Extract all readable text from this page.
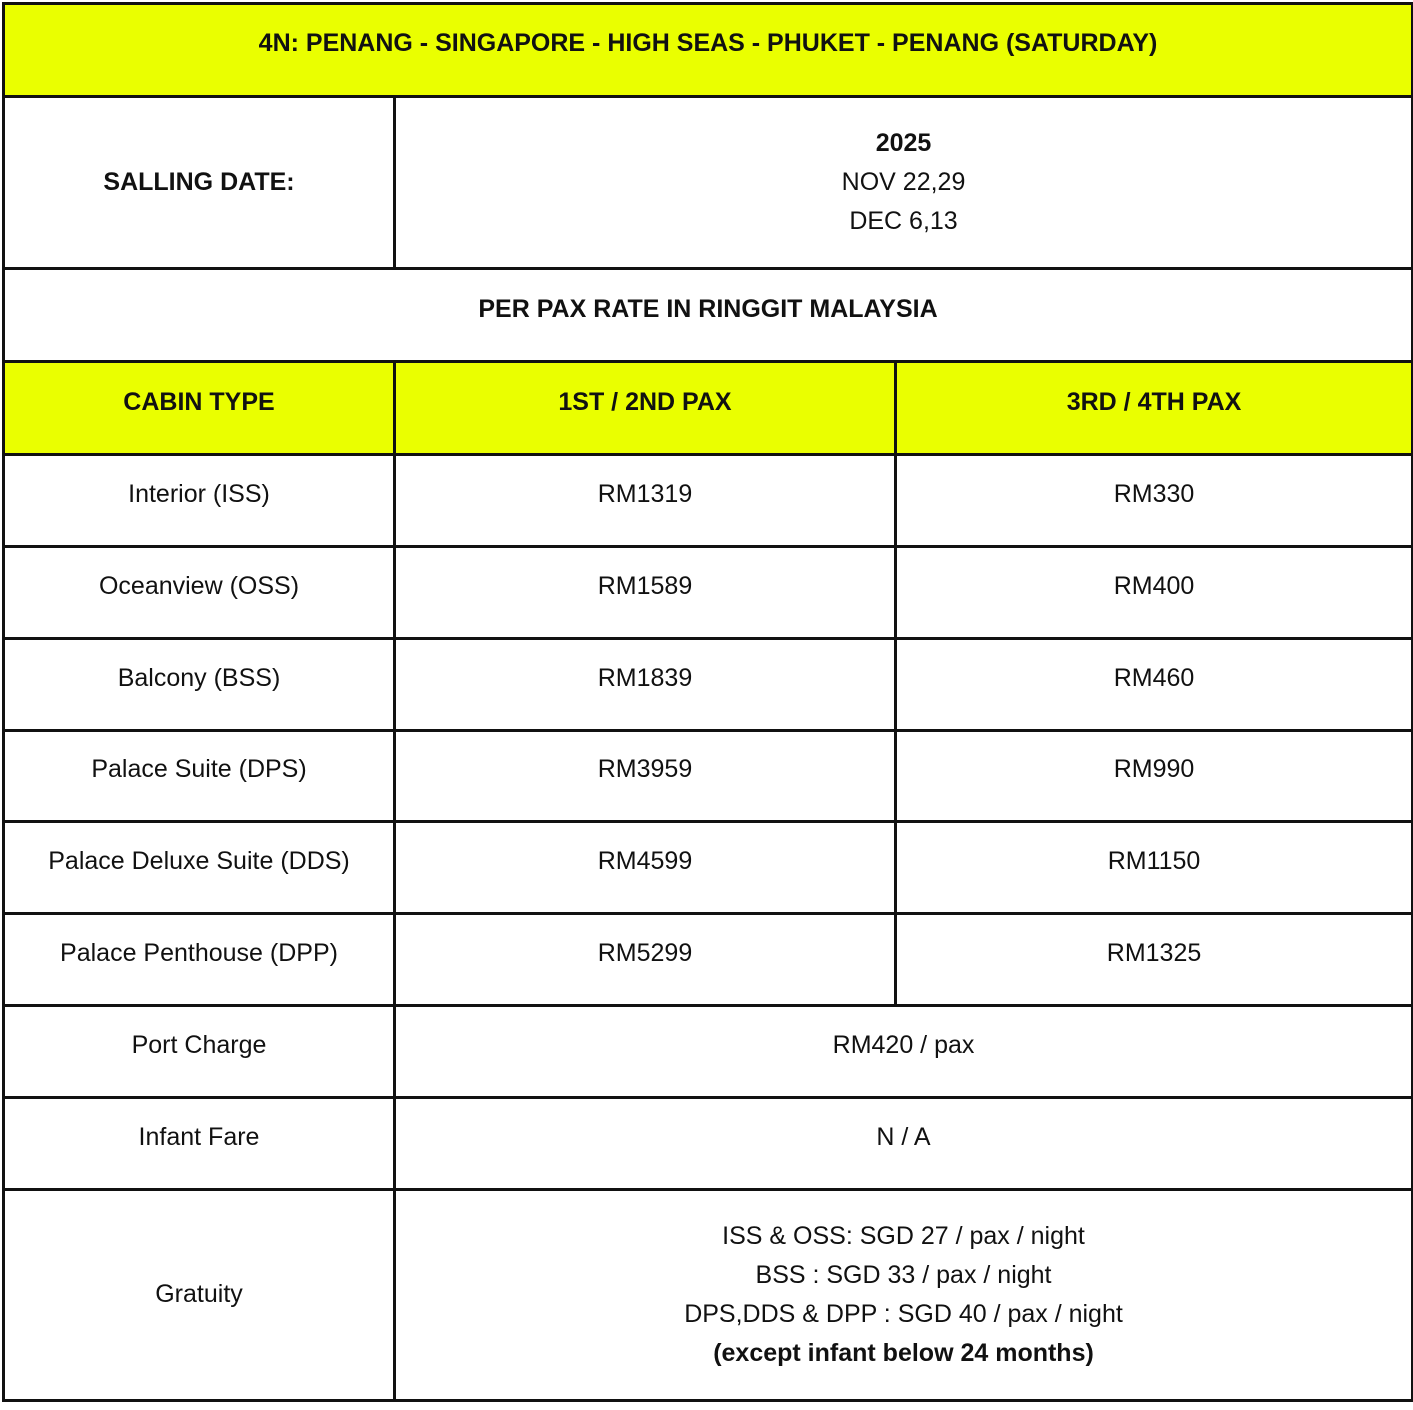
4N: PENANG - SINGAPORE - HIGH SEAS - PHUKET - PENANG (SATURDAY)		
SALLING DATE:	2025
NOV 22,29
DEC 6,13	

PER PAX RATE IN RINGGIT MALAYSIA		
CABIN TYPE	1ST / 2ND PAX	3RD / 4TH PAX
Interior (ISS)	RM1319	RM330
Oceanview (OSS)	RM1589	RM400
Balcony (BSS)	RM1839	RM460
Palace Suite (DPS)	RM3959	RM990
Palace Deluxe Suite (DDS)	RM4599	RM1150
Palace Penthouse (DPP)	RM5299	RM1325
Port Charge	RM420 / pax	
Infant Fare	N / A	
Gratuity	ISS & OSS: SGD 27 / pax / night
BSS : SGD 33 / pax / night
DPS,DDS & DPP : SGD 40 / pax / night
(except infant below 24 months)	
